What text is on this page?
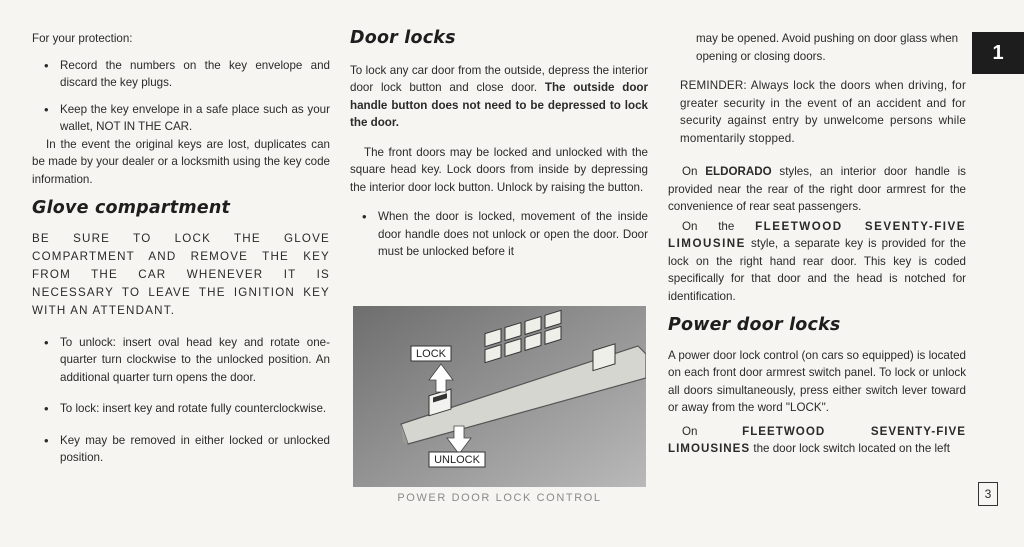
For your protection:

• Record the numbers on the key envelope and discard the key plugs.
• Keep the key envelope in a safe place such as your wallet, NOT IN THE CAR.

In the event the original keys are lost, duplicates can be made by your dealer or a locksmith using the key code information.

Glove compartment

BE SURE TO LOCK THE GLOVE COMPARTMENT AND REMOVE THE KEY FROM THE CAR WHENEVER IT IS NECESSARY TO LEAVE THE IGNITION KEY WITH AN ATTENDANT.

• To unlock: insert oval head key and rotate one-quarter turn clockwise to the unlocked position. An additional quarter turn opens the door.
• To lock: insert key and rotate fully counterclockwise.
• Key may be removed in either locked or unlocked position.
Door locks

To lock any car door from the outside, depress the interior door lock button and close door. The outside door handle button does not need to be depressed to lock the door.

The front doors may be locked and unlocked with the square head key. Lock doors from inside by depressing the interior door lock button. Unlock by raising the button.

• When the door is locked, movement of the inside door handle does not unlock or open the door. Door must be unlocked before it
LOCK
UNLOCK
POWER DOOR LOCK CONTROL

may be opened. Avoid pushing on door glass when opening or closing doors.

REMINDER: Always lock the doors when driving, for greater security in the event of an accident and for security against entry by unwelcome persons while momentarily stopped.

On ELDORADO styles, an interior door handle is provided near the rear of the right door armrest for the convenience of rear seat passengers.

On the FLEETWOOD SEVENTY-FIVE LIMOUSINE style, a separate key is provided for the lock on the right hand rear door. This key is coded specifically for that door and the head is notched for identification.

Power door locks

A power door lock control (on cars so equipped) is located on each front door armrest switch panel. To lock or unlock all doors simultaneously, press either switch lever toward or away from the word "LOCK".

On	FLEETWOOD SEVENTY-FIVE LIMOUSINES the door lock switch located on the left

1
3
